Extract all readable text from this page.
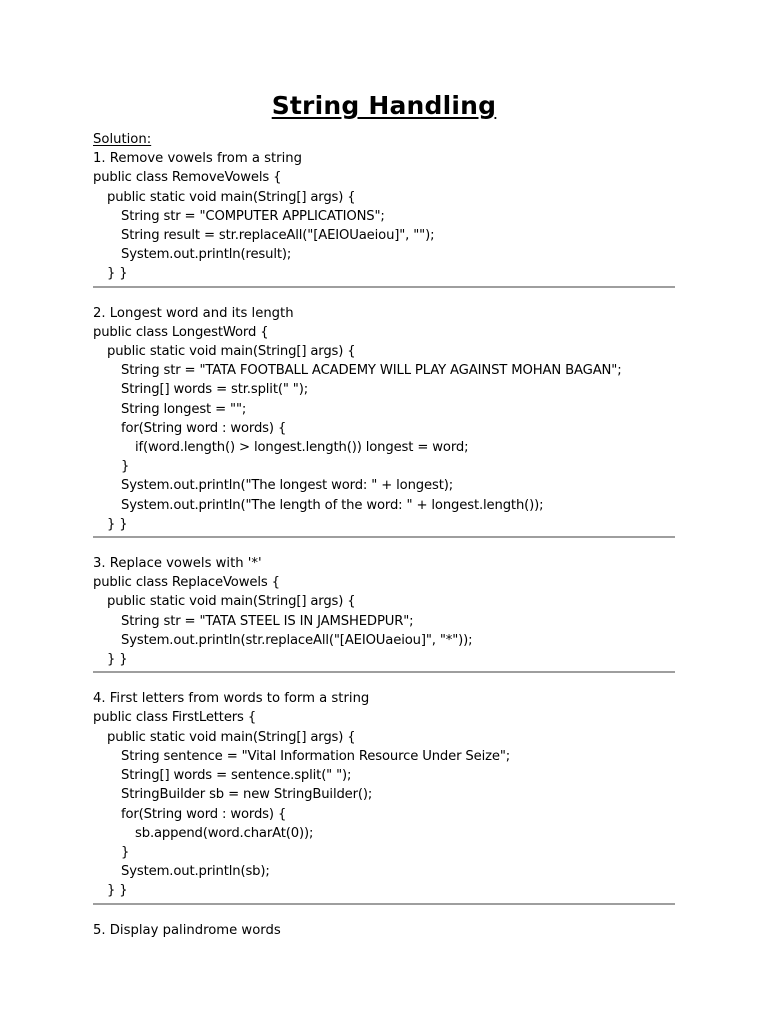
String Handling
Solution:
1. Remove vowels from a string
public class RemoveVowels {
public static void main(String[] args) {
String str = "COMPUTER APPLICATIONS";
String result = str.replaceAll("[AEIOUaeiou]", "");
System.out.println(result);
} }
2. Longest word and its length
public class LongestWord {
public static void main(String[] args) {
String str = "TATA FOOTBALL ACADEMY WILL PLAY AGAINST MOHAN BAGAN";
String[] words = str.split(" ");
String longest = "";
for(String word : words) {
if(word.length() > longest.length()) longest = word;
}
System.out.println("The longest word: " + longest);
System.out.println("The length of the word: " + longest.length());
} }
3. Replace vowels with '*'
public class ReplaceVowels {
public static void main(String[] args) {
String str = "TATA STEEL IS IN JAMSHEDPUR";
System.out.println(str.replaceAll("[AEIOUaeiou]", "*"));
} }
4. First letters from words to form a string
public class FirstLetters {
public static void main(String[] args) {
String sentence = "Vital Information Resource Under Seize";
String[] words = sentence.split(" ");
StringBuilder sb = new StringBuilder();
for(String word : words) {
sb.append(word.charAt(0));
}
System.out.println(sb);
} }
5. Display palindrome words
